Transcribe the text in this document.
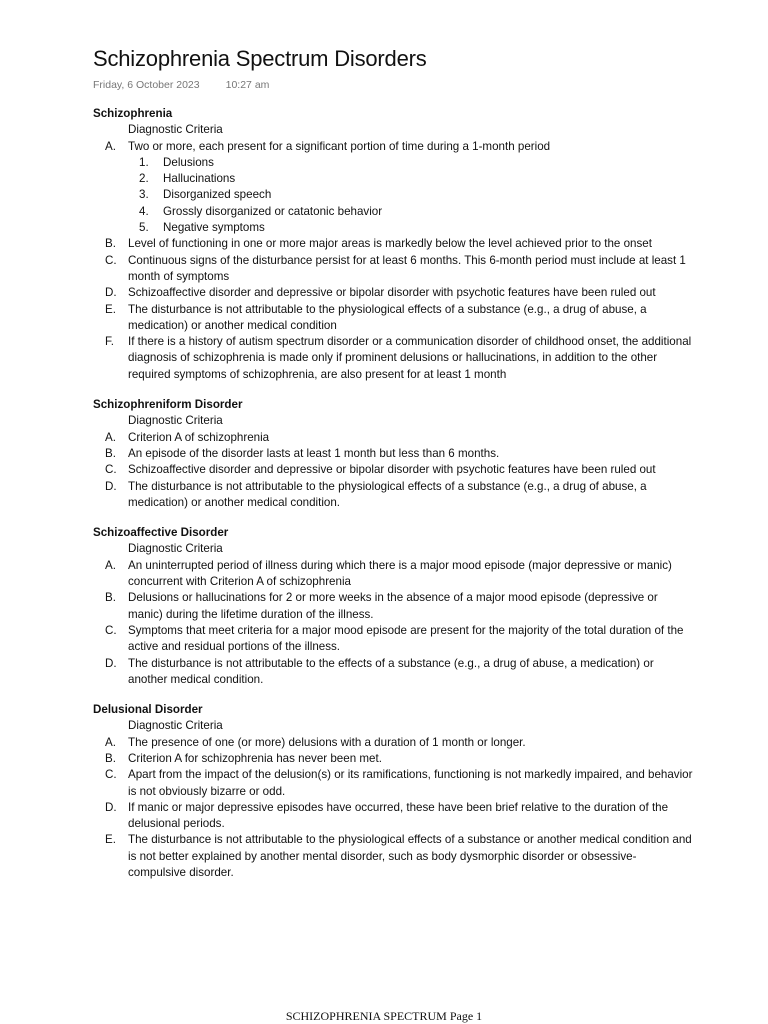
Schizophrenia Spectrum Disorders
Friday, 6 October 2023 10:27 am
Schizophrenia
Diagnostic Criteria
A.	Two or more, each present for a significant portion of time during a 1-month period
1.	Delusions
2.	Hallucinations
3.	Disorganized speech
4.	Grossly disorganized or catatonic behavior
5.	Negative symptoms
B.	Level of functioning in one or more major areas is markedly below the level achieved prior to the onset
C. Continuous signs of the disturbance persist for at least 6 months. This 6-month period must include at least 1 month of symptoms
D. Schizoaffective disorder and depressive or bipolar disorder with psychotic features have been ruled out
E.	The disturbance is not attributable to the physiological effects of a substance (e.g., a drug of abuse, a medication) or another medical condition
F.	If there is a history of autism spectrum disorder or a communication disorder of childhood onset, the additional diagnosis of schizophrenia is made only if prominent delusions or hallucinations, in addition to the other required symptoms of schizophrenia, are also present for at least 1 month
Schizophreniform Disorder
Diagnostic Criteria
A.	Criterion A of schizophrenia
B.	An episode of the disorder lasts at least 1 month but less than 6 months.
C. Schizoaffective disorder and depressive or bipolar disorder with psychotic features have been ruled out
D. The disturbance is not attributable to the physiological effects of a substance (e.g., a drug of abuse, a medication) or another medical condition.
Schizoaffective Disorder
Diagnostic Criteria
A.	An uninterrupted period of illness during which there is a major mood episode (major depressive or manic) concurrent with Criterion A of schizophrenia
B.	Delusions or hallucinations for 2 or more weeks in the absence of a major mood episode (depressive or manic) during the lifetime duration of the illness.
C. Symptoms that meet criteria for a major mood episode are present for the majority of the total duration of the active and residual portions of the illness.
D. The disturbance is not attributable to the effects of a substance (e.g., a drug of abuse, a medication) or another medical condition.
Delusional Disorder
Diagnostic Criteria
A.	The presence of one (or more) delusions with a duration of 1 month or longer.
B.	Criterion A for schizophrenia has never been met.
C. Apart from the impact of the delusion(s) or its ramifications, functioning is not markedly impaired, and behavior is not obviously bizarre or odd.
D. If manic or major depressive episodes have occurred, these have been brief relative to the duration of the delusional periods.
E.	The disturbance is not attributable to the physiological effects of a substance or another medical condition and is not better explained by another mental disorder, such as body dysmorphic disorder or obsessive-compulsive disorder.
SCHIZOPHRENIA SPECTRUM Page 1
